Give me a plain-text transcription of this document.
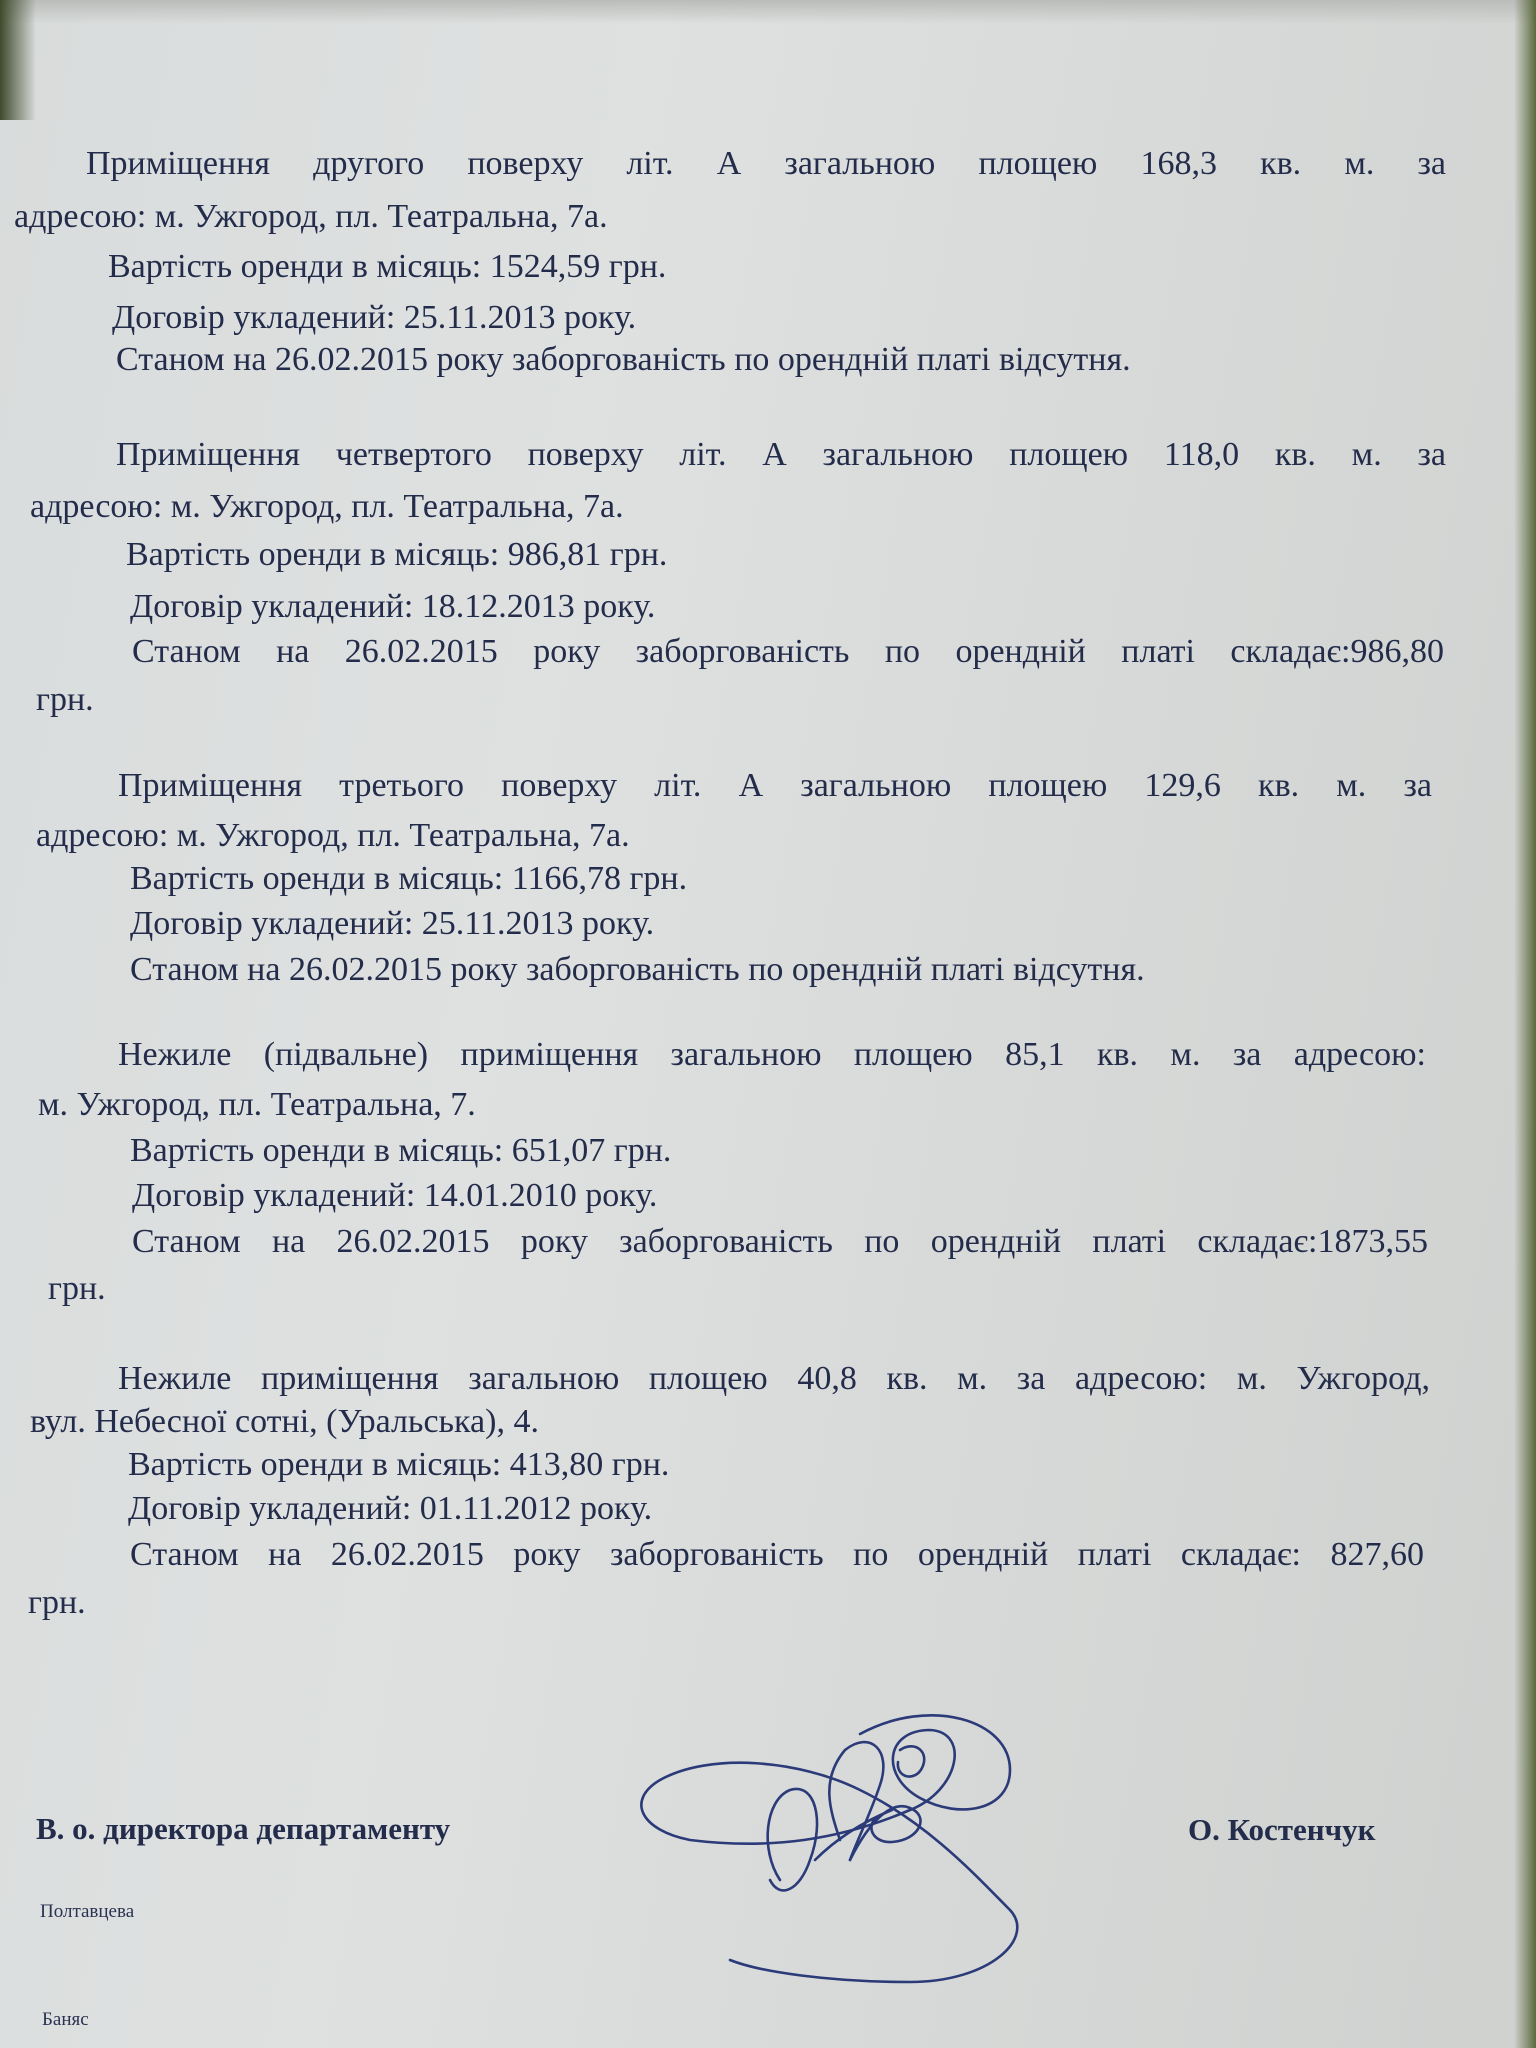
Приміщення другого поверху літ. А загальною площею 168,3 кв. м. за
адресою: м. Ужгород, пл. Театральна, 7а.
Вартість оренди в місяць: 1524,59 грн.
Договір укладений: 25.11.2013 року.
Станом на 26.02.2015 року заборгованість по орендній платі відсутня.
Приміщення четвертого поверху літ. А загальною площею 118,0 кв. м. за
адресою: м. Ужгород, пл. Театральна, 7а.
Вартість оренди в місяць: 986,81 грн.
Договір укладений: 18.12.2013 року.
Станом на 26.02.2015 року заборгованість по орендній платі складає:986,80
грн.
Приміщення третього поверху літ. А загальною площею 129,6 кв. м. за
адресою: м. Ужгород, пл. Театральна, 7а.
Вартість оренди в місяць: 1166,78 грн.
Договір укладений: 25.11.2013 року.
Станом на 26.02.2015 року заборгованість по орендній платі відсутня.
Нежиле (підвальне) приміщення загальною площею 85,1 кв. м. за адресою:
м. Ужгород, пл. Театральна, 7.
Вартість оренди в місяць: 651,07 грн.
Договір укладений: 14.01.2010 року.
Станом на 26.02.2015 року заборгованість по орендній платі складає:1873,55
грн.
Нежиле приміщення загальною площею 40,8 кв. м. за адресою: м. Ужгород,
вул. Небесної сотні, (Уральська), 4.
Вартість оренди в місяць: 413,80 грн.
Договір укладений: 01.11.2012 року.
Станом на 26.02.2015 року заборгованість по орендній платі складає: 827,60
грн.
В. о. директора департаменту	О. Костенчук
Полтавцева
Баняс
